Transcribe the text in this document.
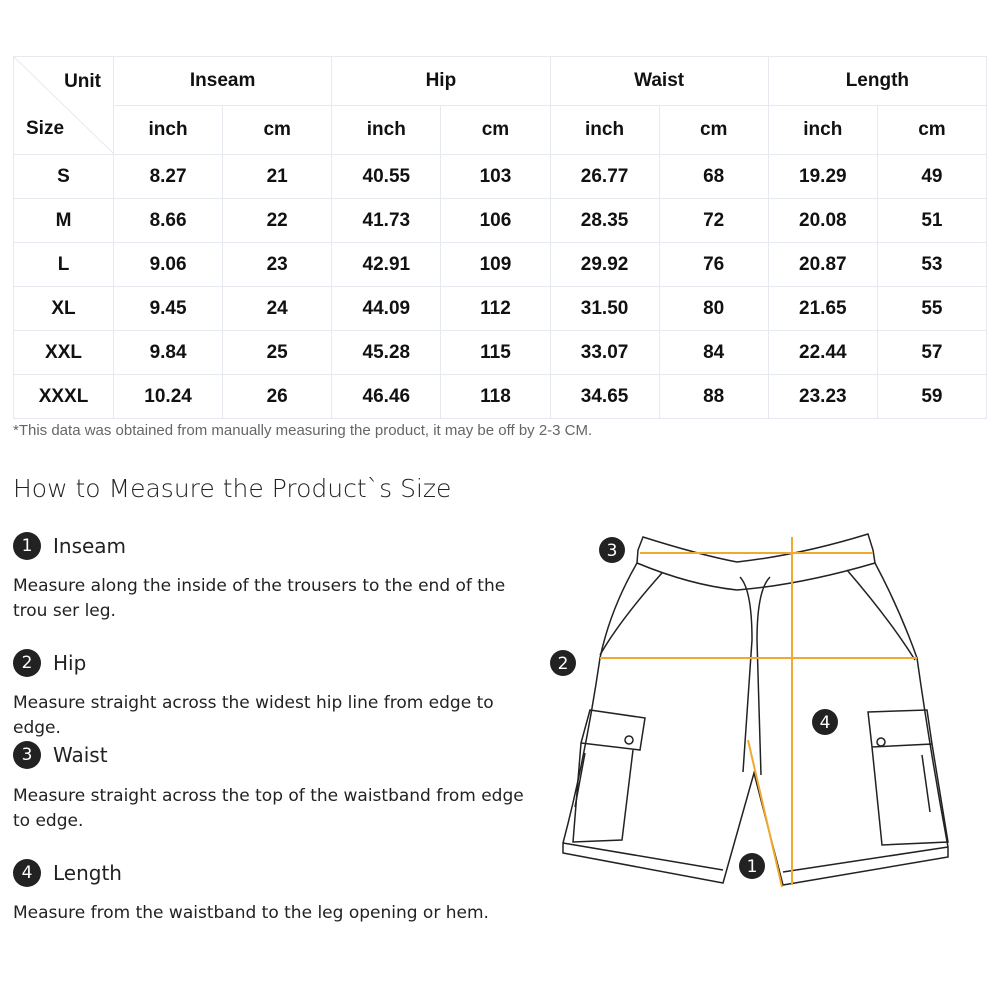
Unit
Size	Inseam		Hip		Waist		Length	
	inch	cm	inch	cm	inch	cm	inch	cm
S	8.27	21	40.55	103	26.77	68	19.29	49
M	8.66	22	41.73	106	28.35	72	20.08	51
L	9.06	23	42.91	109	29.92	76	20.87	53
XL	9.45	24	44.09	112	31.50	80	21.65	55
XXL	9.84	25	45.28	115	33.07	84	22.44	57
XXXL	10.24	26	46.46	118	34.65	88	23.23	59
*This data was obtained from manually measuring the product, it may be off by 2-3 CM.
How to Measure the Product`s Size
1	Inseam
Measure along the inside of the trousers to the end of the trou ser leg.
2	Hip
Measure straight across the widest hip line from edge to edge.
3	Waist
Measure straight across the top of the waistband from edge to edge.
4	Length
Measure from the waistband to the leg opening or hem.
3
2
4
1
